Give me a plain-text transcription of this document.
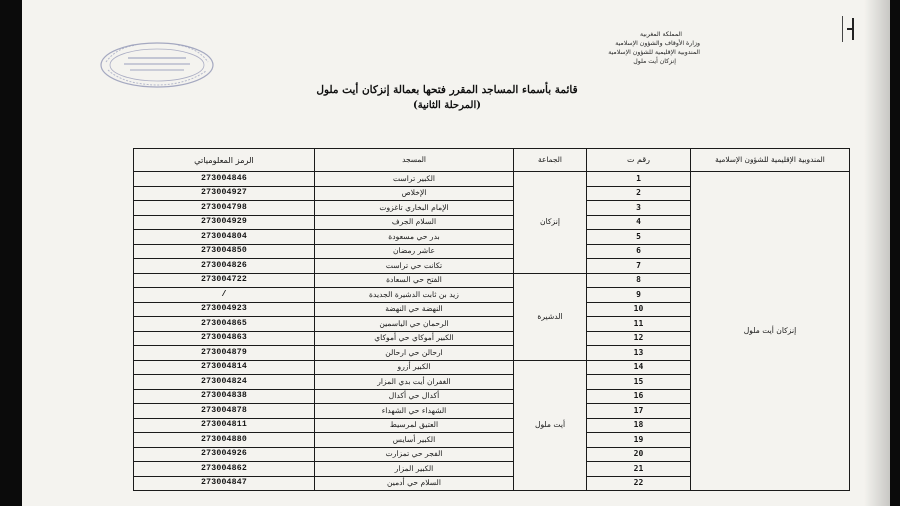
المملكة المغربية
وزارة الأوقاف والشؤون الإسلامية
المندوبية الإقليمية للشؤون الإسلامية
إنزكان أيت ملول
قائمة بأسماء المساجد المقرر فتحها بعمالة إنزكان أيت ملول
(المرحلة الثانية)
المندوبية الإقليمية للشؤون الإسلامية	رقم ت	الجماعة	المسجد	الرمز المعلومياتي
إنزكان أيت ملول	1	إنزكان	الكبير تراست	273004846
	2		الإخلاص	273004927
	3		الإمام البخاري تاغزوت	273004798
	4		السلام الجرف	273004929
	5		بدر حي مسعودة	273004804
	6		عاشر رمضان	273004850
	7		تكانت حي تراست	273004826
	8	الدشيرة	الفتح حي السعادة	273004722
	9		زيد بن ثابت الدشيرة الجديدة	/
	10		النهضة حي النهضة	273004923
	11		الرحمان حي الياسمين	273004865
	12		الكبير أموكاي حي أموكاي	273004863
	13		ارحالن حي ارحالن	273004879
	14	أيت ملول	الكبير أزرو	273004814
	15		الغفران أيت بدي المزار	273004824
	16		أكدال حي أكدال	273004838
	17		الشهداء حي الشهداء	273004878
	18		العتيق لمرسيط	273004811
	19		الكبير أسايس	273004880
	20		الفجر حي تمزارت	273004926
	21		الكبير المزار	273004862
	22		السلام حي أدمين	273004847
